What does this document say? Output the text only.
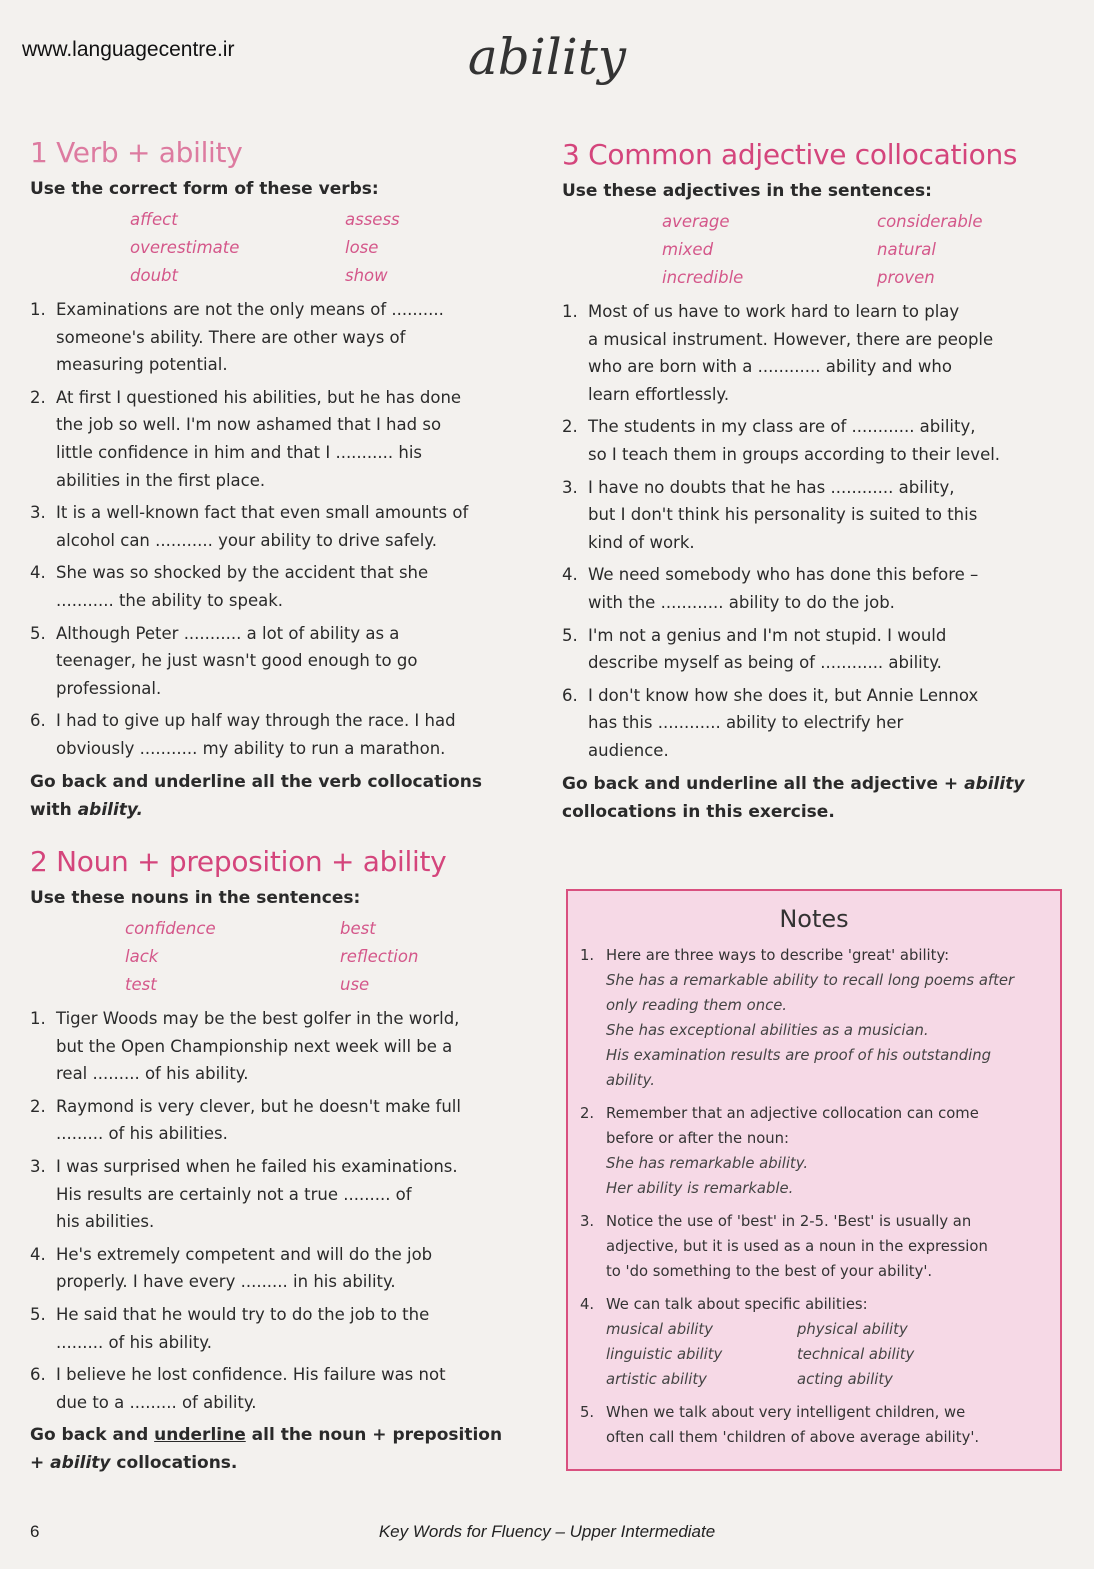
www.languagecentre.ir	ability
1 Verb + ability
Use the correct form of these verbs:
affect	assess
overestimate	lose
doubt	show
1. Examinations are not the only means of ..........
someone's ability. There are other ways of
measuring potential.
2. At first I questioned his abilities, but he has done
the job so well. I'm now ashamed that I had so
little confidence in him and that I ........... his
abilities in the first place.
3. It is a well-known fact that even small amounts of
alcohol can ........... your ability to drive safely.
4. She was so shocked by the accident that she
........... the ability to speak.
5. Although Peter ........... a lot of ability as a
teenager, he just wasn't good enough to go
professional.
6. I had to give up half way through the race. I had
obviously ........... my ability to run a marathon.
Go back and underline all the verb collocations
with ability.
2 Noun + preposition + ability
Use these nouns in the sentences:
confidence	best
lack	reflection
test	use
1. Tiger Woods may be the best golfer in the world,
but the Open Championship next week will be a
real ......... of his ability.
2. Raymond is very clever, but he doesn't make full
......... of his abilities.
3. I was surprised when he failed his examinations.
His results are certainly not a true ......... of
his abilities.
4. He's extremely competent and will do the job
properly. I have every ......... in his ability.
5. He said that he would try to do the job to the
......... of his ability.
6. I believe he lost confidence. His failure was not
due to a ......... of ability.
Go back and underline all the noun + preposition
+ ability collocations.
3 Common adjective collocations
Use these adjectives in the sentences:
average	considerable
mixed	natural
incredible	proven
1. Most of us have to work hard to learn to play
a musical instrument. However, there are people
who are born with a ............ ability and who
learn effortlessly.
2. The students in my class are of ............ ability,
so I teach them in groups according to their level.
3. I have no doubts that he has ............ ability,
but I don't think his personality is suited to this
kind of work.
4. We need somebody who has done this before –
with the ............ ability to do the job.
5. I'm not a genius and I'm not stupid. I would
describe myself as being of ............ ability.
6. I don't know how she does it, but Annie Lennox
has this ............ ability to electrify her
audience.
Go back and underline all the adjective + ability
collocations in this exercise.
Notes
1. Here are three ways to describe 'great' ability:
She has a remarkable ability to recall long poems after
only reading them once.
She has exceptional abilities as a musician.
His examination results are proof of his outstanding
ability.
2. Remember that an adjective collocation can come
before or after the noun:
She has remarkable ability.
Her ability is remarkable.
3. Notice the use of 'best' in 2-5. 'Best' is usually an
adjective, but it is used as a noun in the expression
to 'do something to the best of your ability'.
4. We can talk about specific abilities:
musical ability	physical ability
linguistic ability	technical ability
artistic ability	acting ability
5. When we talk about very intelligent children, we
often call them 'children of above average ability'.
6	Key Words for Fluency – Upper Intermediate
